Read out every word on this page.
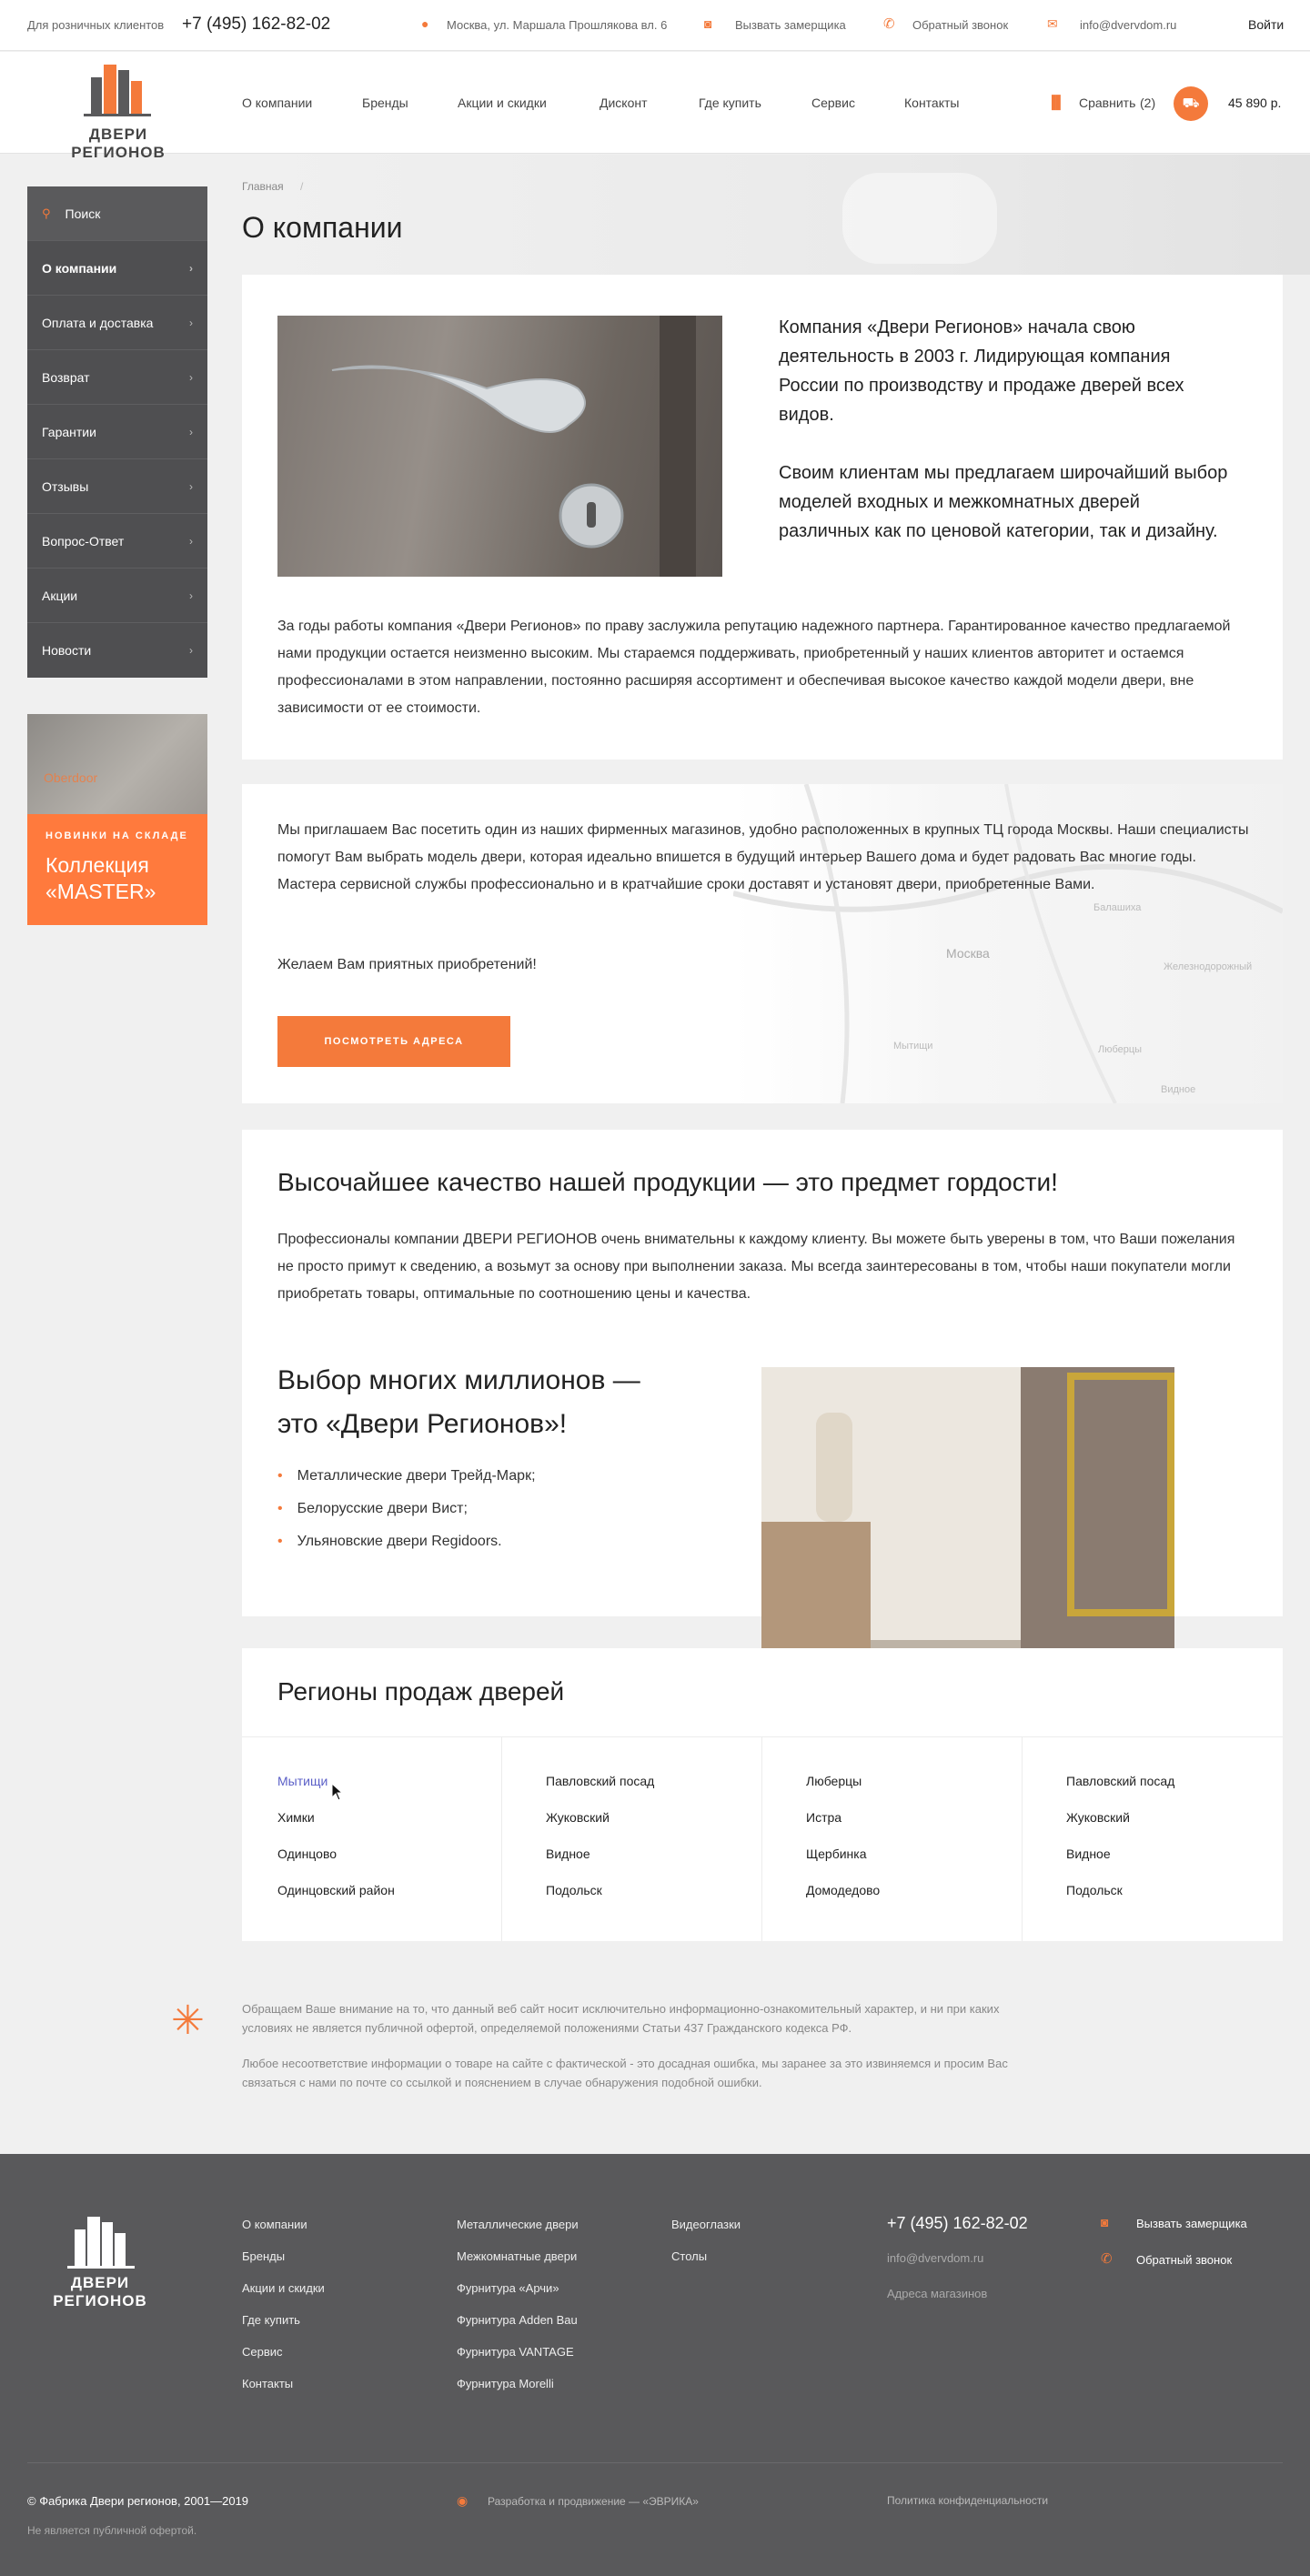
Для розничных клиентов +7 (495) 162-82-02	● Москва, ул. Маршала Прошлякова вл. 6	◙ Вызвать замерщика	✆ Обратный звонок	✉ info@dvervdom.ru	Войти
ДВЕРИ РЕГИОНОВ
О компании	Бренды	Акции и скидки	Дисконт	Где купить	Сервис	Контакты	▐▌ Сравнить (2)	⛟	45 890 р.
Главная /
О компании
⚲ Поиск
О компании	›
Оплата и доставка	›
Возврат	›
Гарантии	›
Отзывы	›
Вопрос-Ответ	›
Акции	›
Новости	›
Oberdoor
НОВИНКИ НА СКЛАДЕ
Коллекция «MASTER»

Компания «Двери Регионов» начала свою деятельность в 2003 г. Лидирующая компания России по производству и продаже дверей всех видов.

Своим клиентам мы предлагаем широчайший выбор моделей входных и межкомнатных дверей различных как по ценовой категории, так и дизайну.

За годы работы компания «Двери Регионов» по праву заслужила репутацию надежного партнера. Гарантированное качество предлагаемой нами продукции остается неизменно высоким. Мы стараемся поддерживать, приобретенный у наших клиентов авторитет и остаемся профессионалами в этом направлении, постоянно расширяя ассортимент и обеспечивая высокое качество каждой модели двери, вне зависимости от ее стоимости.

Москва
Балашиха
Железнодорожный
Люберцы
Видное
Мытищи

Мы приглашаем Вас посетить один из наших фирменных магазинов, удобно расположенных в крупных ТЦ города Москвы. Наши специалисты помогут Вам выбрать модель двери, которая идеально впишется в будущий интерьер Вашего дома и будет радовать Вас многие годы. Мастера сервисной службы профессионально и в кратчайшие сроки доставят и установят двери, приобретенные Вами.

Желаем Вам приятных приобретений!

ПОСМОТРЕТЬ АДРЕСА
Высочайшее качество нашей продукции — это предмет гордости!

Профессионалы компании ДВЕРИ РЕГИОНОВ очень внимательны к каждому клиенту. Вы можете быть уверены в том, что Ваши пожелания не просто примут к сведению, а возьмут за основу при выполнении заказа. Мы всегда заинтересованы в том, чтобы наши покупатели могли приобретать товары, оптимальные по соотношению цены и качества.

Выбор многих миллионов — это «Двери Регионов»!
• Металлические двери Трейд-Марк;
• Белорусские двери Вист;
• Ульяновские двери Regidoors.
Регионы продаж дверей
Мытищи
Химки
Одинцово
Одинцовский район
Павловский посад
Жуковский
Видное
Подольск
Люберцы
Истра
Щербинка
Домодедово
Павловский посад
Жуковский
Видное
Подольск
✳	Обращаем Ваше внимание на то, что данный веб сайт носит исключительно информационно-ознакомительный характер, и ни при каких условиях не является публичной офертой, определяемой положениями Статьи 437 Гражданского кодекса РФ.

Любое несоответствие информации о товаре на сайте с фактической - это досадная ошибка, мы заранее за это извиняемся и просим Вас связаться с нами по почте со ссылкой и пояснением в случае обнаружения подобной ошибки.

ДВЕРИ РЕГИОНОВ
О компании
Бренды
Акции и скидки
Где купить
Сервис
Контакты
Металлические двери
Межкомнатные двери
Фурнитура «Арчи»
Фурнитура Adden Bau
Фурнитура VANTAGE
Фурнитура Morelli
Видеоглазки
Столы
+7 (495) 162-82-02
info@dvervdom.ru
Адреса магазинов
◙ Вызвать замерщика
✆ Обратный звонок
© Фабрика Двери регионов, 2001—2019
Не является публичной офертой.
◉ Разработка и продвижение — «ЭВРИКА»	Политика конфиденциальности
